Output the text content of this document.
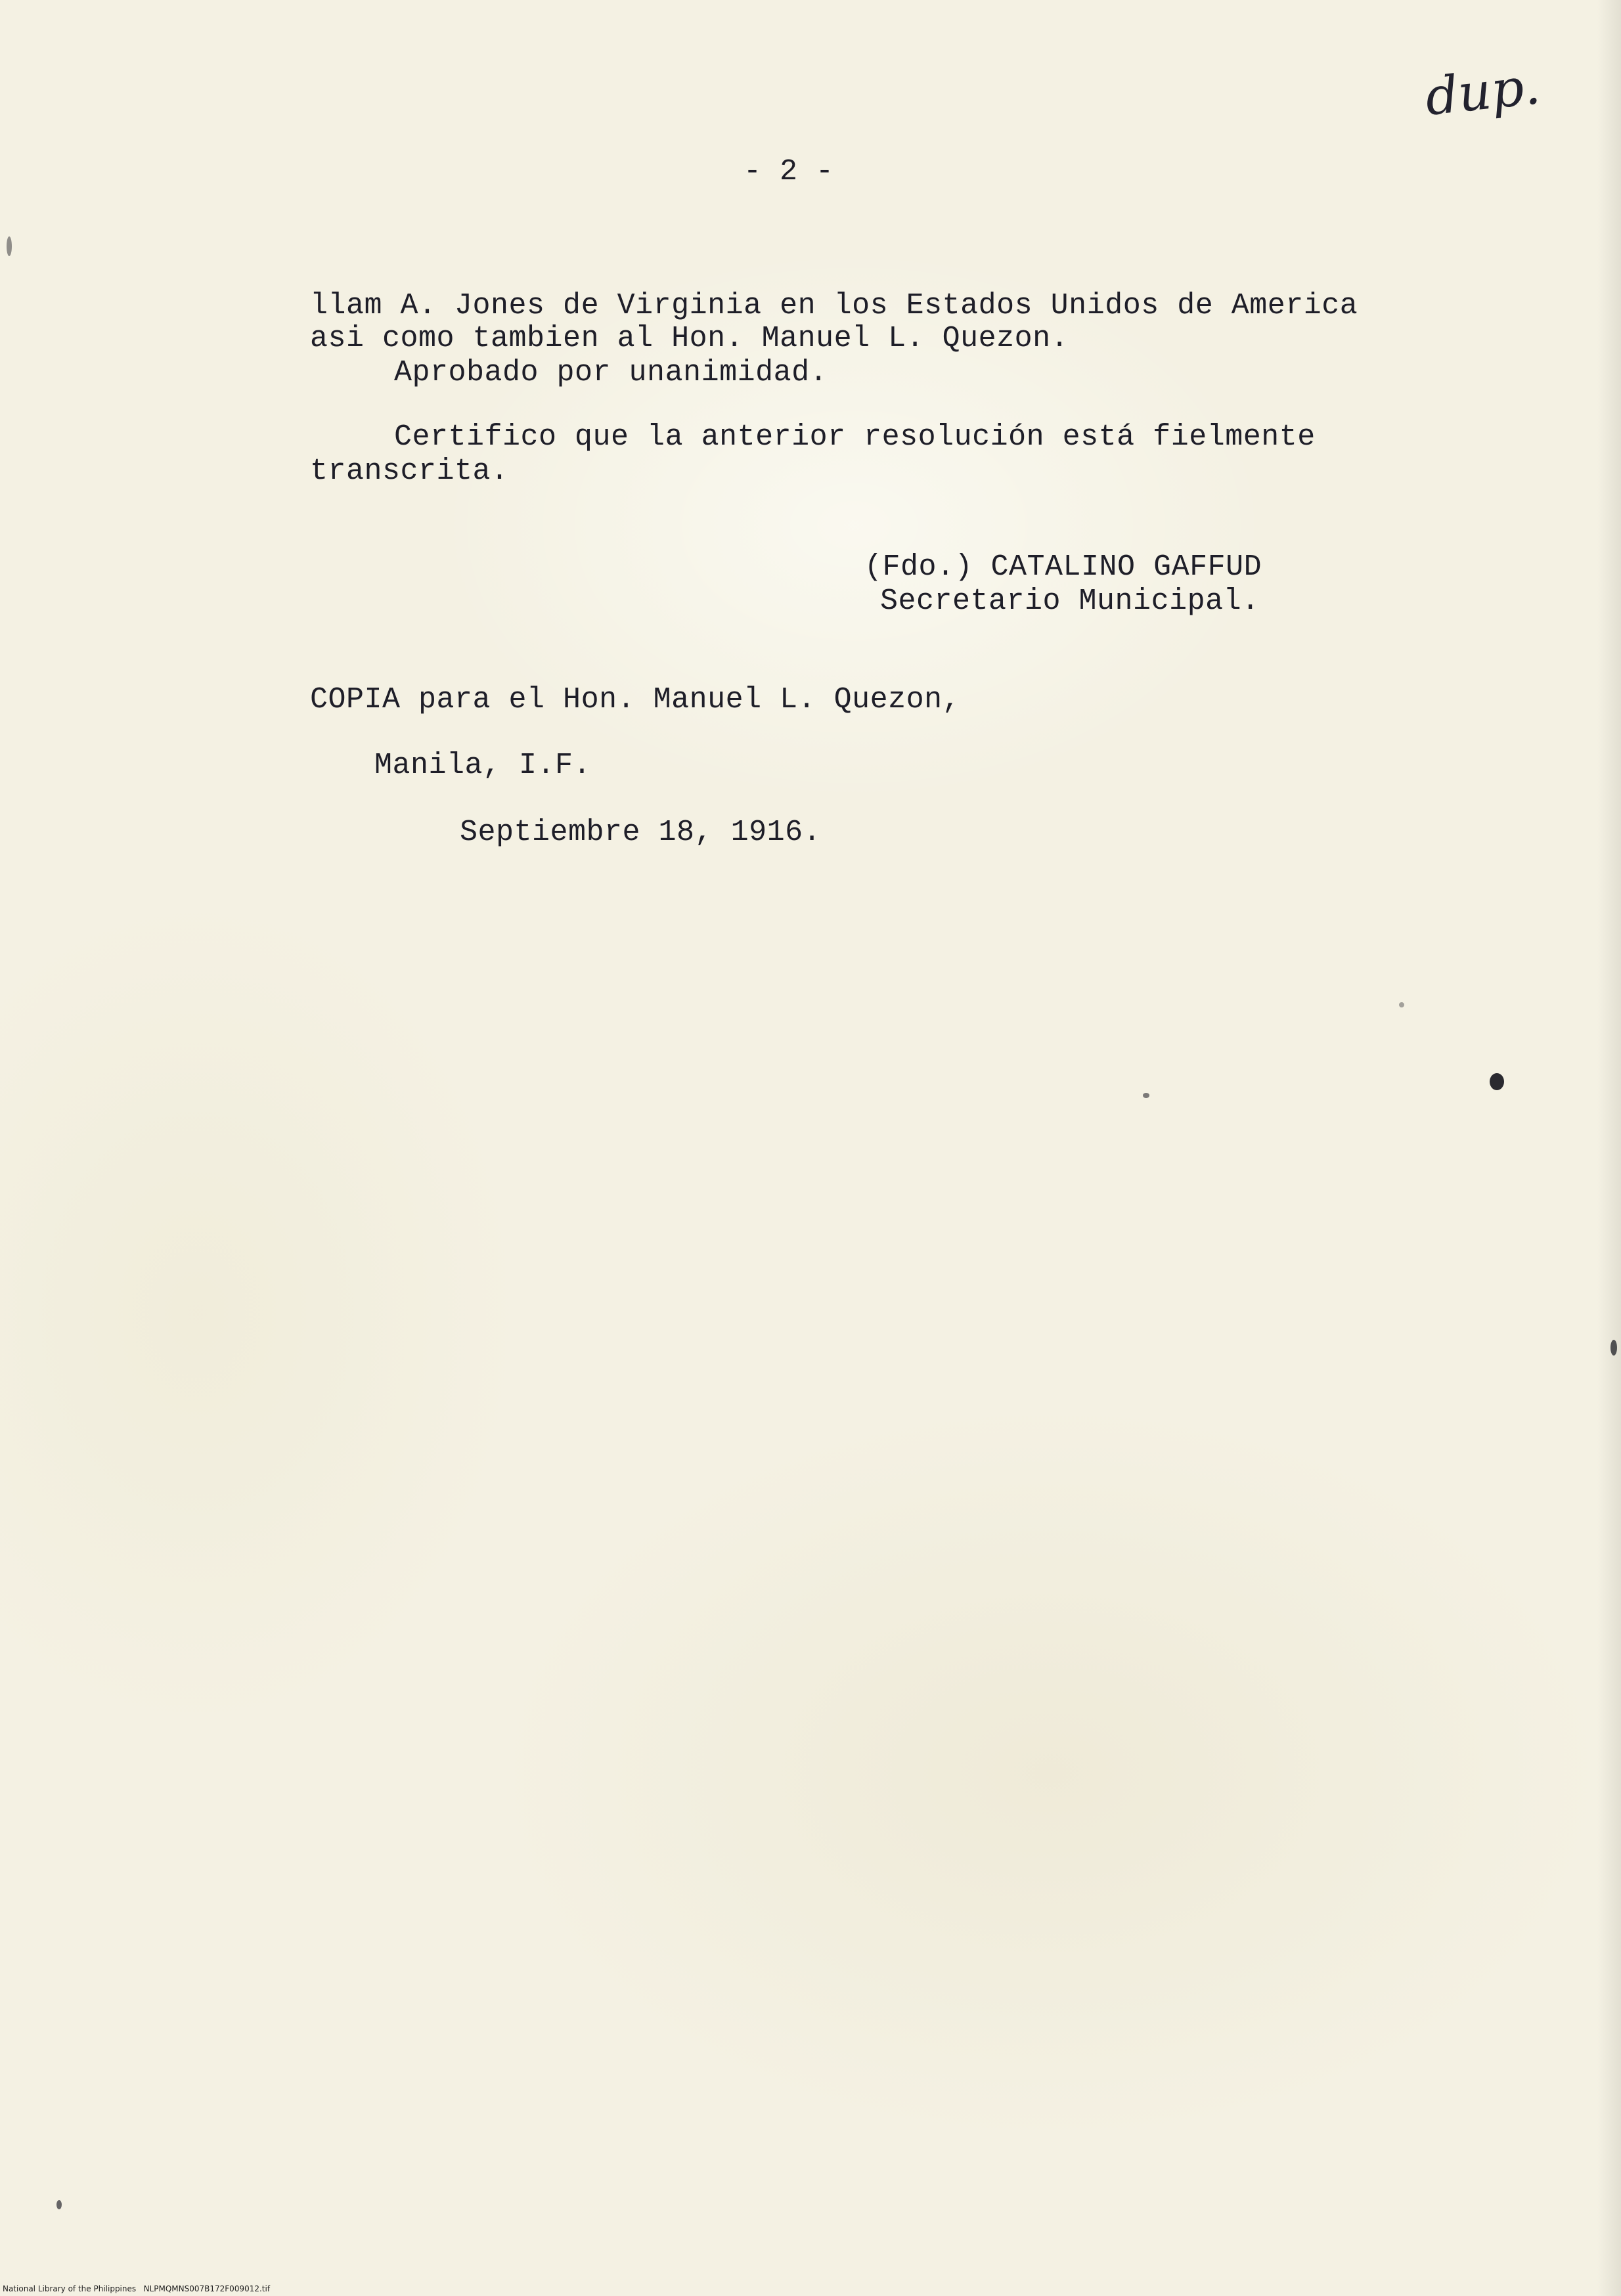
dup.
- 2 -
llam A. Jones de Virginia en los Estados Unidos de America
asi como tambien al Hon. Manuel L. Quezon.
Aprobado por unanimidad.
Certifico que la anterior resolución está fielmente
transcrita.
(Fdo.) CATALINO GAFFUD
Secretario Municipal.
COPIA para el Hon. Manuel L. Quezon,
Manila, I.F.
Septiembre 18, 1916.
National Library of the Philippines NLPMQMNS007B172F009012.tif
